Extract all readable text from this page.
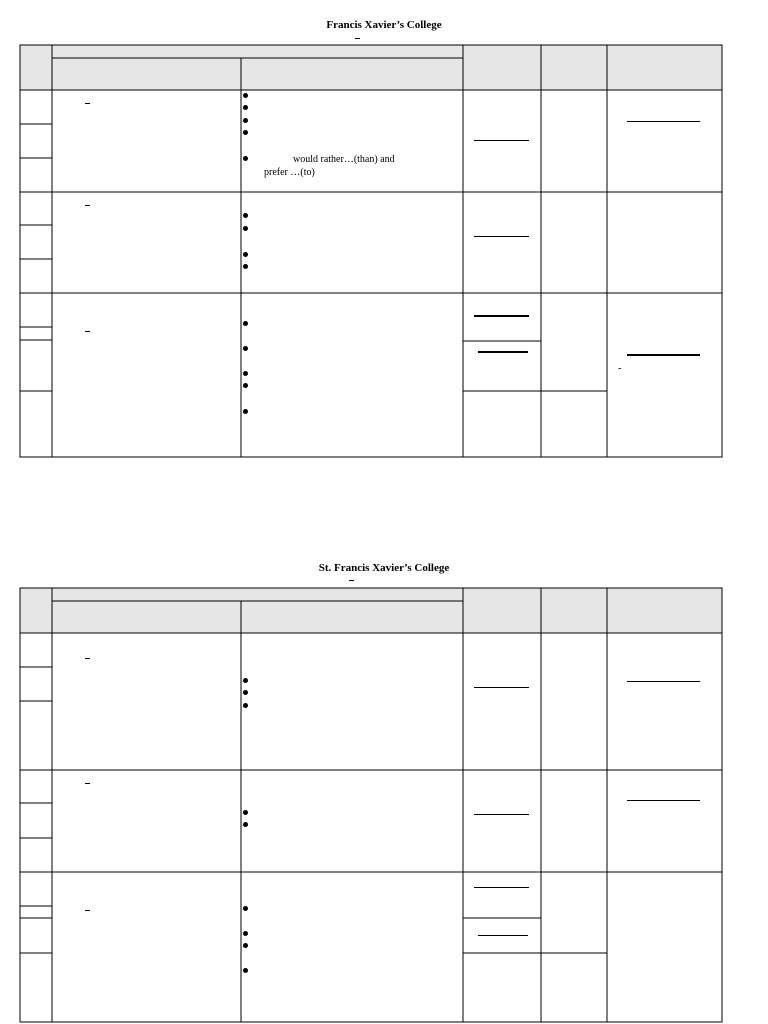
Francis Xavier’s College
would rather…(than) and
prefer …(to)
-
St. Francis Xavier’s College
